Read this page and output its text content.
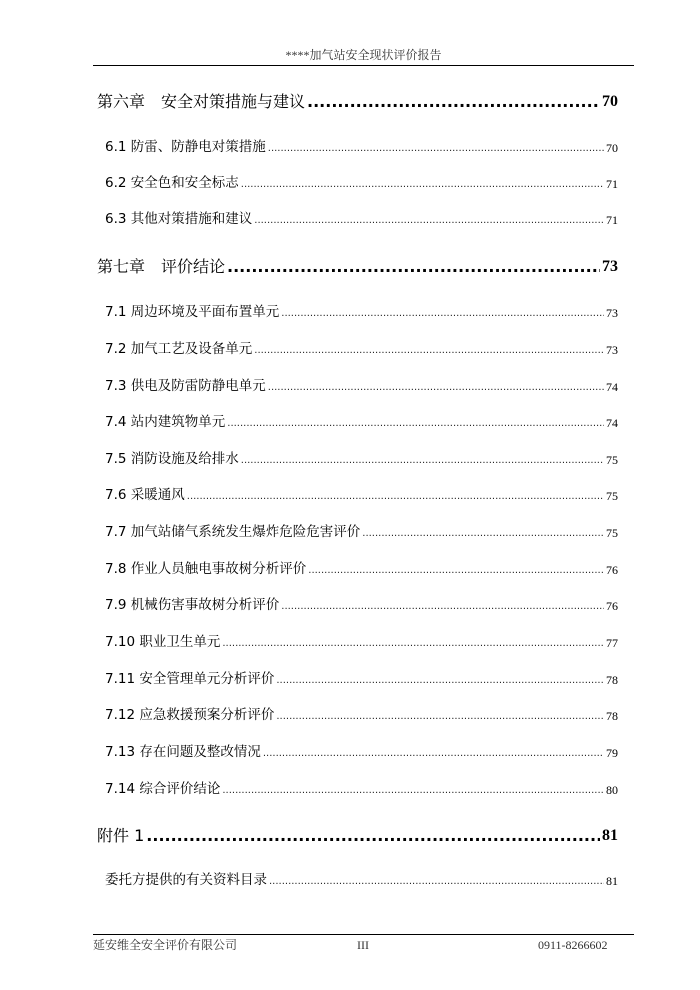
****加气站安全现状评价报告
第六章　安全对策措施与建议 .....	70
6.1 防雷、防静电对策措施 .....	70
6.2 安全色和安全标志 .....	71
6.3 其他对策措施和建议 .....	71
第七章　评价结论 .....	73
7.1 周边环境及平面布置单元 .....	73
7.2 加气工艺及设备单元 .....	73
7.3 供电及防雷防静电单元 .....	74
7.4 站内建筑物单元 .....	74
7.5 消防设施及给排水 .....	75
7.6 采暖通风 .....	75
7.7 加气站储气系统发生爆炸危险危害评价 .....	75
7.8 作业人员触电事故树分析评价 .....	76
7.9 机械伤害事故树分析评价 .....	76
7.10 职业卫生单元 .....	77
7.11 安全管理单元分析评价 .....	78
7.12 应急救援预案分析评价 .....	78
7.13 存在问题及整改情况 .....	79
7.14 综合评价结论 .....	80
附件 1 .....	81
委托方提供的有关资料目录 .....	81
延安维全安全评价有限公司	III	0911-8266602
